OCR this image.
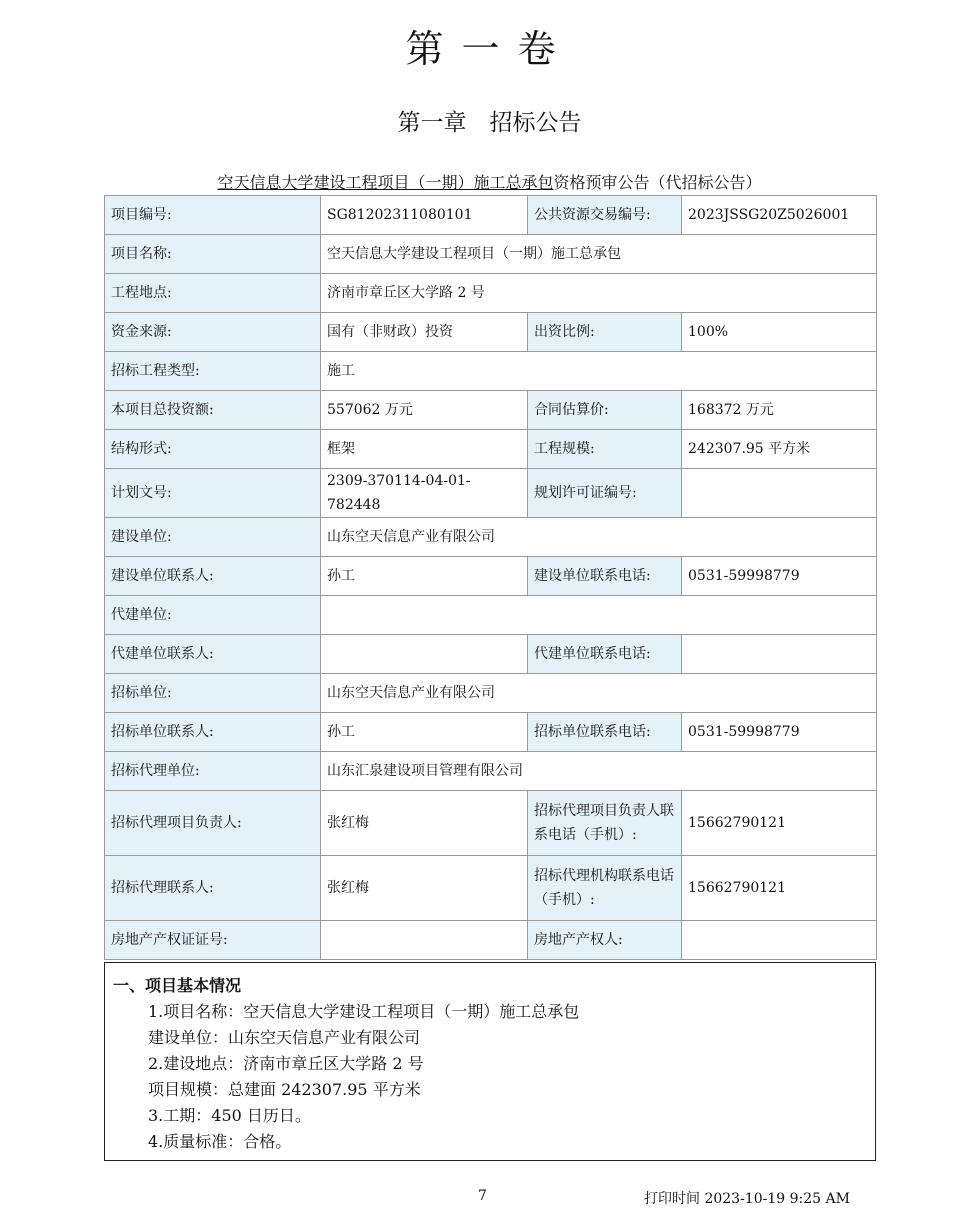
第一卷
第一章　招标公告
空天信息大学建设工程项目（一期）施工总承包资格预审公告（代招标公告）
项目编号:	SG81202311080101	公共资源交易编号:	2023JSSG20Z5026001
项目名称:	空天信息大学建设工程项目（一期）施工总承包		
工程地点:	济南市章丘区大学路 2 号		
资金来源:	国有（非财政）投资	出资比例:	100%
招标工程类型:	施工		
本项目总投资额:	557062 万元	合同估算价:	168372 万元
结构形式:	框架	工程规模:	242307.95 平方米
计划文号:	2309-370114-04-01-782448	规划许可证编号:	
建设单位:	山东空天信息产业有限公司		
建设单位联系人:	孙工	建设单位联系电话:	0531-59998779
代建单位:			
代建单位联系人:		代建单位联系电话:	
招标单位:	山东空天信息产业有限公司		
招标单位联系人:	孙工	招标单位联系电话:	0531-59998779
招标代理单位:	山东汇泉建设项目管理有限公司		
招标代理项目负责人:	张红梅	招标代理项目负责人联系电话（手机）:	15662790121
招标代理联系人:	张红梅	招标代理机构联系电话（手机）:	15662790121
房地产产权证证号:		房地产产权人:	
一、项目基本情况
1.项目名称：空天信息大学建设工程项目（一期）施工总承包
建设单位：山东空天信息产业有限公司
2.建设地点：济南市章丘区大学路 2 号
项目规模：总建面 242307.95 平方米
3.工期：450 日历日。
4.质量标准：合格。
7	打印时间 2023-10-19 9:25 AM
